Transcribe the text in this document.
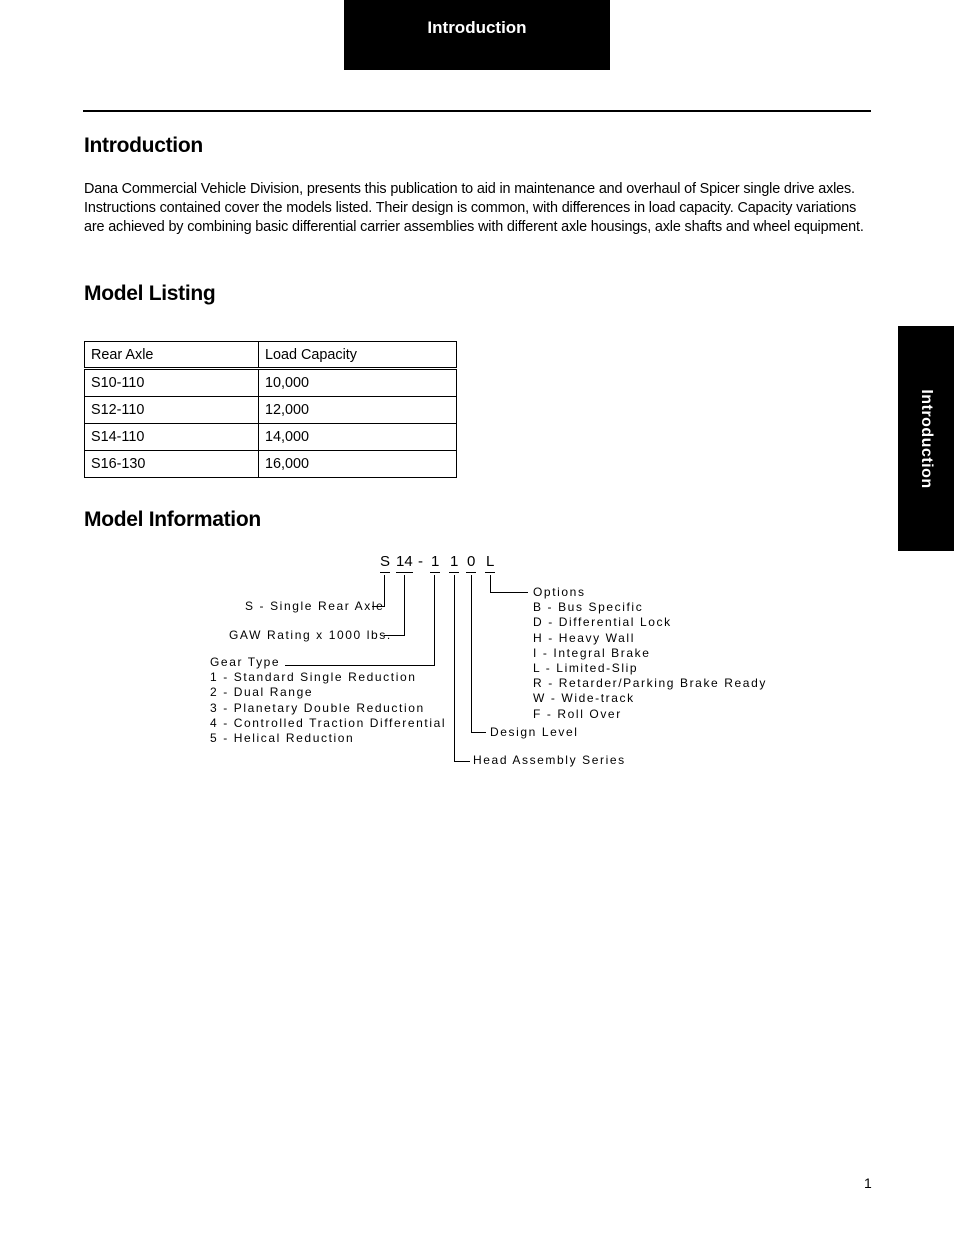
Introduction
Introduction
Introduction

Dana Commercial Vehicle Division, presents this publication to aid in maintenance and overhaul of Spicer single drive axles.

Instructions contained cover the models listed. Their design is common, with differences in load capacity. Capacity variations

are achieved by combining basic differential carrier assemblies with different axle housings, axle shafts and wheel equipment.

Model Listing
Rear Axle	Load Capacity
S10-110	10,000
S12-110	12,000
S14-110	14,000
S16-130	16,000
Model Information
S 14 - 1 1 0 L
S - Single Rear Axle
GAW Rating x 1000 lbs.
Gear Type
1 - Standard Single Reduction
2 - Dual Range
3 - Planetary Double Reduction
4 - Controlled Traction Differential
5 - Helical Reduction
Options
B - Bus Specific
D - Differential Lock
H - Heavy Wall
I - Integral Brake
L - Limited-Slip
R - Retarder/Parking Brake Ready
W - Wide-track
F - Roll Over
Design Level
Head Assembly Series
1
